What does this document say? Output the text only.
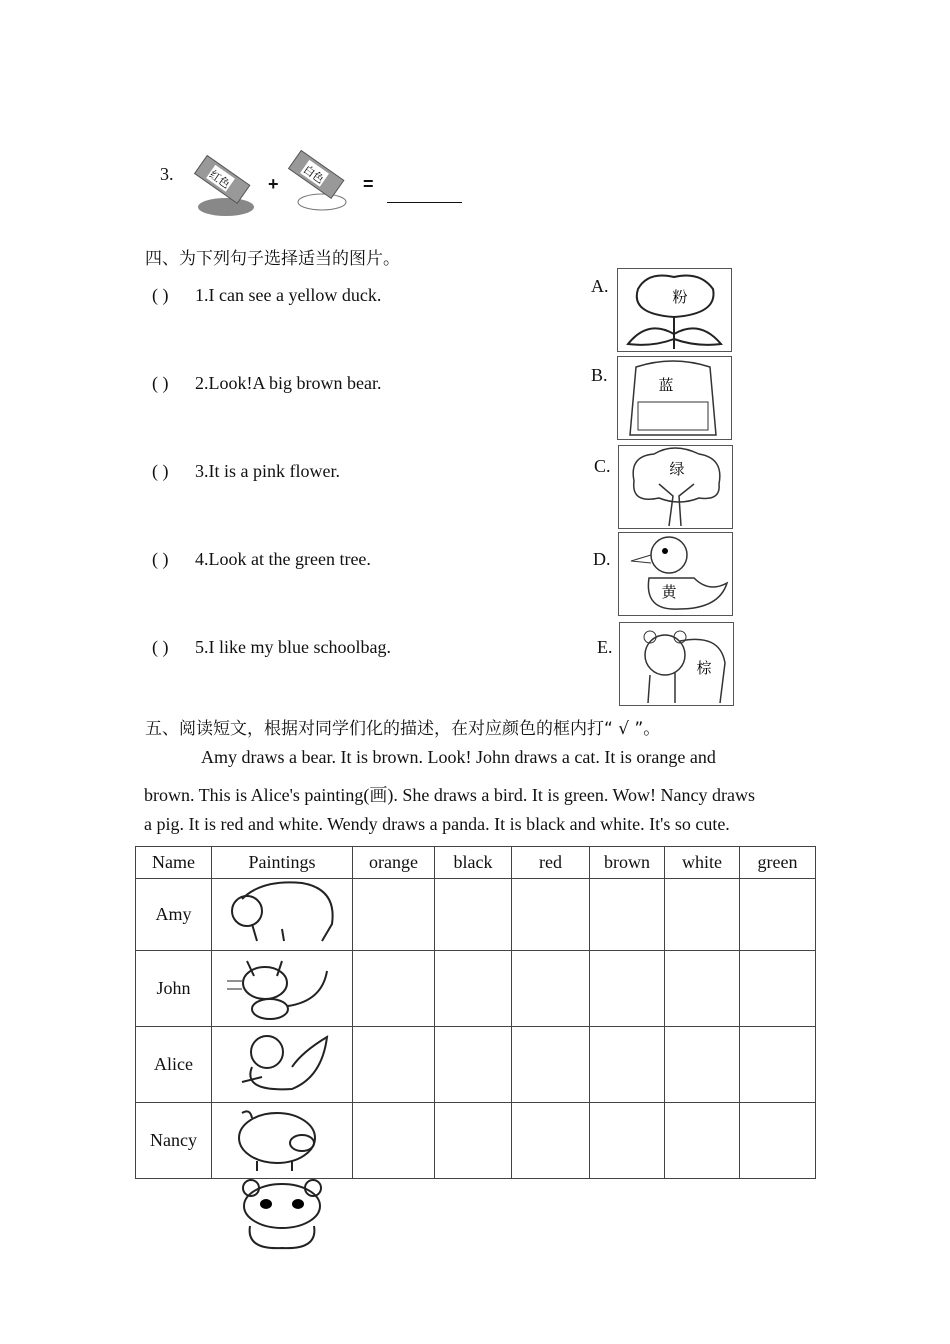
3.	红色 + 白色 =
四、为下列句子选择适当的图片。
( ) 1.I can see a yellow duck.
( ) 2.Look!A big brown bear.
( ) 3.It is a pink flower.
( ) 4.Look at the green tree.
( ) 5.I like my blue schoolbag.
A.
粉
B.
蓝
C.	绿
D.
黄
E.
棕
五、阅读短文，根据对同学们化的描述，在对应颜色的框内打“ √ ”。
Amy draws a bear. It is brown. Look! John draws a cat. It is orange and
brown. This is Alice's painting(画). She draws a bird. It is green. Wow! Nancy draws
a pig. It is red and white. Wendy draws a panda. It is black and white. It's so cute.
Name	Paintings	orange	black	red	brown	white	green
Amy							
John							
Alice							
Nancy							
